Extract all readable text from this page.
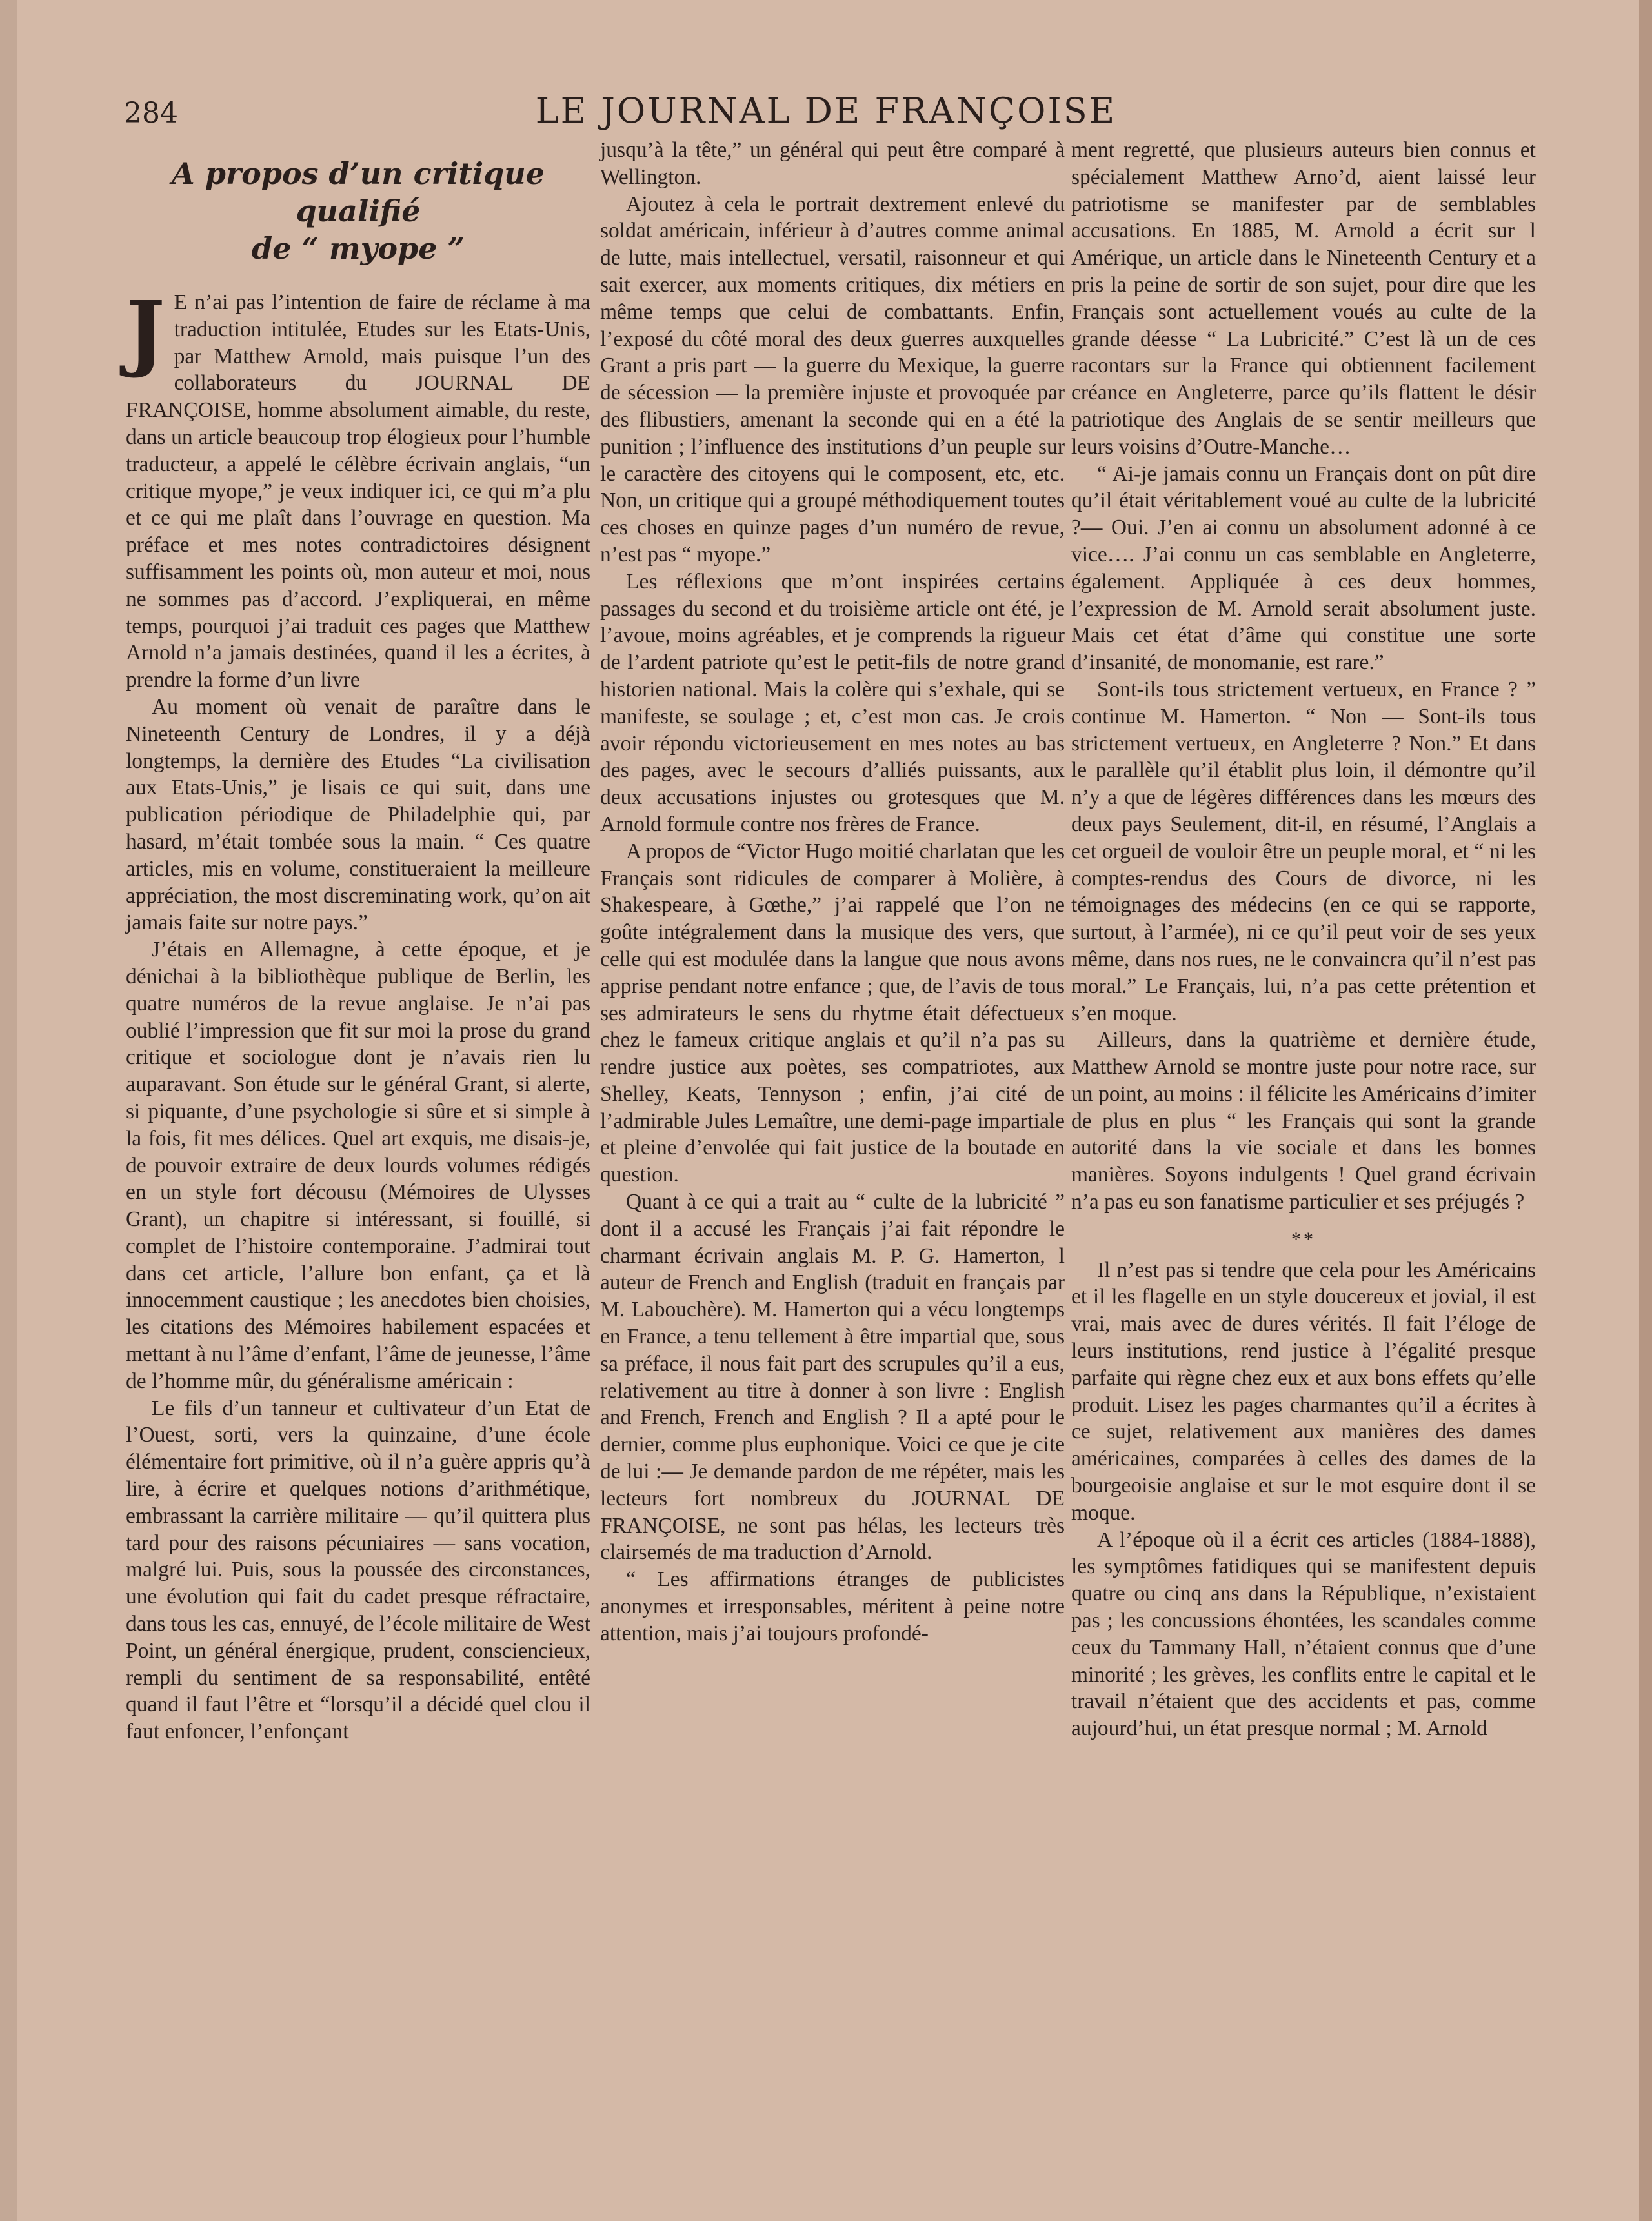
284	LE JOURNAL DE FRANÇOISE
A propos d’un critique qualifié
de “ myope ”

J E n’ai pas l’intention de faire de réclame à ma traduction intitulée, Etudes sur les Etats-Unis, par Matthew Arnold, mais puisque l’un des collaborateurs du JOURNAL DE FRANÇOISE, homme absolument aimable, du reste, dans un article beaucoup trop élogieux pour l’humble traducteur, a appelé le célèbre écrivain anglais, “un critique myope,” je veux indiquer ici, ce qui m’a plu et ce qui me plaît dans l’ouvrage en question. Ma préface et mes notes contradictoires désignent suffisamment les points où, mon auteur et moi, nous ne sommes pas d’accord. J’expliquerai, en même temps, pourquoi j’ai traduit ces pages que Matthew Arnold n’a jamais destinées, quand il les a écrites, à prendre la forme d’un livre

Au moment où venait de paraître dans le Nineteenth Century de Londres, il y a déjà longtemps, la dernière des Etudes “La civilisation aux Etats-Unis,” je lisais ce qui suit, dans une publication périodique de Philadelphie qui, par hasard, m’était tombée sous la main. “ Ces quatre articles, mis en volume, constitueraient la meilleure appréciation, the most discreminating work, qu’on ait jamais faite sur notre pays.”

J’étais en Allemagne, à cette époque, et je dénichai à la bibliothèque publique de Berlin, les quatre numéros de la revue anglaise. Je n’ai pas oublié l’impression que fit sur moi la prose du grand critique et sociologue dont je n’avais rien lu auparavant. Son étude sur le général Grant, si alerte, si piquante, d’une psychologie si sûre et si simple à la fois, fit mes délices. Quel art exquis, me disais-je, de pouvoir extraire de deux lourds volumes rédigés en un style fort décousu (Mémoires de Ulysses Grant), un chapitre si intéressant, si fouillé, si complet de l’histoire contemporaine. J’admirai tout dans cet article, l’allure bon enfant, ça et là innocemment caustique ; les anecdotes bien choisies, les citations des Mémoires habilement espacées et mettant à nu l’âme d’enfant, l’âme de jeunesse, l’âme de l’homme mûr, du généralisme américain :

Le fils d’un tanneur et cultivateur d’un Etat de l’Ouest, sorti, vers la quinzaine, d’une école élémentaire fort primitive, où il n’a guère appris qu’à lire, à écrire et quelques notions d’arithmétique, embrassant la carrière militaire — qu’il quittera plus tard pour des raisons pécuniaires — sans vocation, malgré lui. Puis, sous la poussée des circonstances, une évolution qui fait du cadet presque réfractaire, dans tous les cas, ennuyé, de l’école militaire de West Point, un général énergique, prudent, consciencieux, rempli du sentiment de sa responsabilité, entêté quand il faut l’être et “lorsqu’il a décidé quel clou il faut enfoncer, l’enfonçant

jusqu’à la tête,” un général qui peut être comparé à Wellington.

Ajoutez à cela le portrait dextrement enlevé du soldat américain, inférieur à d’autres comme animal de lutte, mais intellectuel, versatil, raisonneur et qui sait exercer, aux moments critiques, dix métiers en même temps que celui de combattants. Enfin, l’exposé du côté moral des deux guerres auxquelles Grant a pris part — la guerre du Mexique, la guerre de sécession — la première injuste et provoquée par des flibustiers, amenant la seconde qui en a été la punition ; l’influence des institutions d’un peuple sur le caractère des citoyens qui le composent, etc, etc. Non, un critique qui a groupé méthodiquement toutes ces choses en quinze pages d’un numéro de revue, n’est pas “ myope.”

Les réflexions que m’ont inspirées certains passages du second et du troisième article ont été, je l’avoue, moins agréables, et je comprends la rigueur de l’ardent patriote qu’est le petit-fils de notre grand historien national. Mais la colère qui s’exhale, qui se manifeste, se soulage ; et, c’est mon cas. Je crois avoir répondu victorieusement en mes notes au bas des pages, avec le secours d’alliés puissants, aux deux accusations injustes ou grotesques que M. Arnold formule contre nos frères de France.

A propos de “Victor Hugo moitié charlatan que les Français sont ridicules de comparer à Molière, à Shakespeare, à Gœthe,” j’ai rappelé que l’on ne goûte intégralement dans la musique des vers, que celle qui est modulée dans la langue que nous avons apprise pendant notre enfance ; que, de l’avis de tous ses admirateurs le sens du rhytme était défectueux chez le fameux critique anglais et qu’il n’a pas su rendre justice aux poètes, ses compatriotes, aux Shelley, Keats, Tennyson ; enfin, j’ai cité de l’admirable Jules Lemaître, une demi-page impartiale et pleine d’envolée qui fait justice de la boutade en question.

Quant à ce qui a trait au “ culte de la lubricité ” dont il a accusé les Français j’ai fait répondre le charmant écrivain anglais M. P. G. Hamerton, l auteur de French and English (traduit en français par M. Labouchère). M. Hamerton qui a vécu longtemps en France, a tenu tellement à être impartial que, sous sa préface, il nous fait part des scrupules qu’il a eus, relativement au titre à donner à son livre : English and French, French and English ? Il a apté pour le dernier, comme plus euphonique. Voici ce que je cite de lui :— Je demande pardon de me répéter, mais les lecteurs fort nombreux du JOURNAL DE FRANÇOISE, ne sont pas hélas, les lecteurs très clairsemés de ma traduction d’Arnold.

“ Les affirmations étranges de publicistes anonymes et irresponsables, méritent à peine notre attention, mais j’ai toujours profondé-

ment regretté, que plusieurs auteurs bien connus et spécialement Matthew Arno’d, aient laissé leur patriotisme se manifester par de semblables accusations. En 1885, M. Arnold a écrit sur l Amérique, un article dans le Nineteenth Century et a pris la peine de sortir de son sujet, pour dire que les Français sont actuellement voués au culte de la grande déesse “ La Lubricité.” C’est là un de ces racontars sur la France qui obtiennent facilement créance en Angleterre, parce qu’ils flattent le désir patriotique des Anglais de se sentir meilleurs que leurs voisins d’Outre-Manche…

“ Ai-je jamais connu un Français dont on pût dire qu’il était véritablement voué au culte de la lubricité ?— Oui. J’en ai connu un absolument adonné à ce vice…. J’ai connu un cas semblable en Angleterre, également. Appliquée à ces deux hommes, l’expression de M. Arnold serait absolument juste. Mais cet état d’âme qui constitue une sorte d’insanité, de monomanie, est rare.”

Sont-ils tous strictement vertueux, en France ? ” continue M. Hamerton. “ Non — Sont-ils tous strictement vertueux, en Angleterre ? Non.” Et dans le parallèle qu’il établit plus loin, il démontre qu’il n’y a que de légères différences dans les mœurs des deux pays Seulement, dit-il, en résumé, l’Anglais a cet orgueil de vouloir être un peuple moral, et “ ni les comptes-rendus des Cours de divorce, ni les témoignages des médecins (en ce qui se rapporte, surtout, à l’armée), ni ce qu’il peut voir de ses yeux même, dans nos rues, ne le convaincra qu’il n’est pas moral.” Le Français, lui, n’a pas cette prétention et s’en moque.

Ailleurs, dans la quatrième et dernière étude, Matthew Arnold se montre juste pour notre race, sur un point, au moins : il félicite les Américains d’imiter de plus en plus “ les Français qui sont la grande autorité dans la vie sociale et dans les bonnes manières. Soyons indulgents ! Quel grand écrivain n’a pas eu son fanatisme particulier et ses préjugés ?

**

Il n’est pas si tendre que cela pour les Américains et il les flagelle en un style doucereux et jovial, il est vrai, mais avec de dures vérités. Il fait l’éloge de leurs institutions, rend justice à l’égalité presque parfaite qui règne chez eux et aux bons effets qu’elle produit. Lisez les pages charmantes qu’il a écrites à ce sujet, relativement aux manières des dames américaines, comparées à celles des dames de la bourgeoisie anglaise et sur le mot esquire dont il se moque.

A l’époque où il a écrit ces articles (1884-1888), les symptômes fatidiques qui se manifestent depuis quatre ou cinq ans dans la République, n’existaient pas ; les concussions éhontées, les scandales comme ceux du Tammany Hall, n’étaient connus que d’une minorité ; les grèves, les conflits entre le capital et le travail n’étaient que des accidents et pas, comme aujourd’hui, un état presque normal ; M. Arnold
